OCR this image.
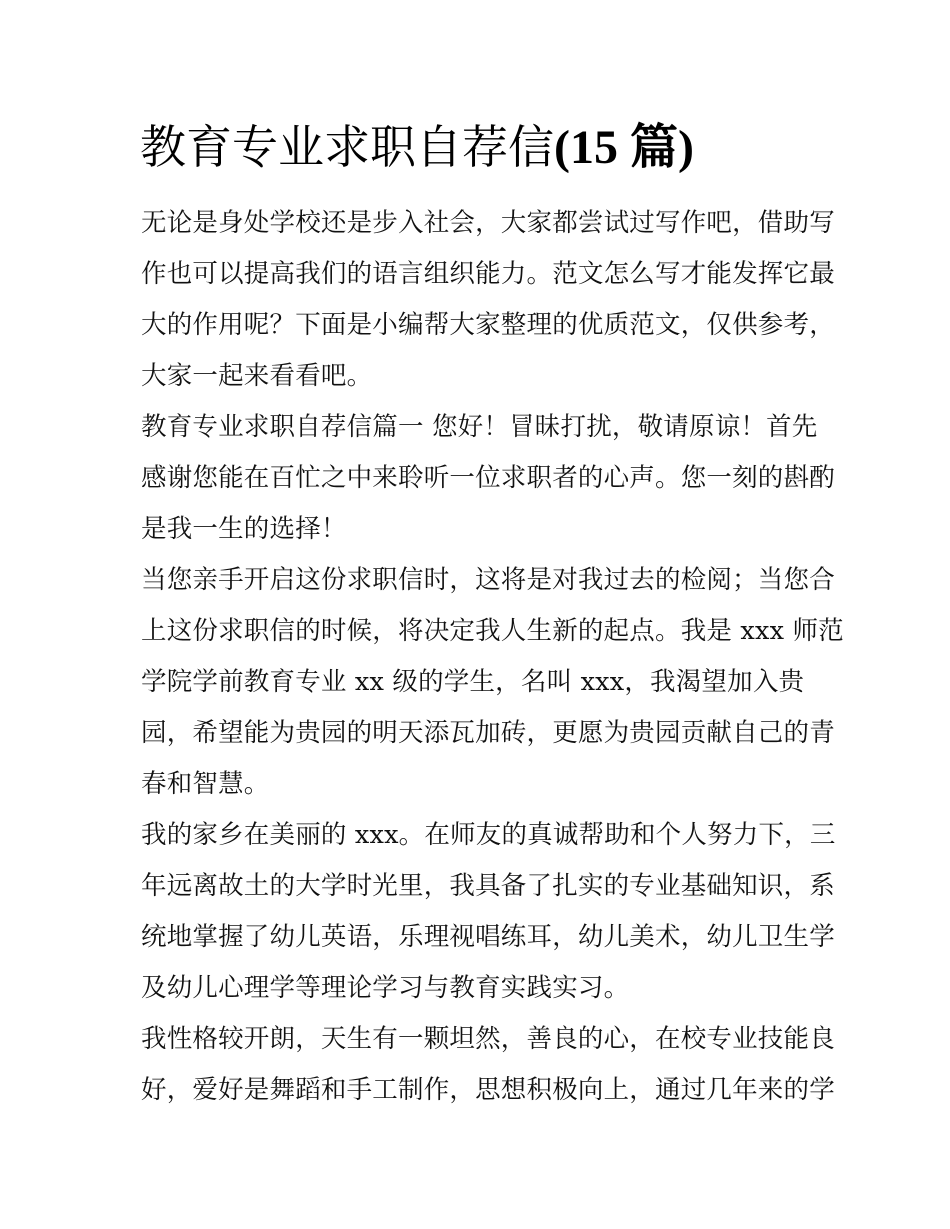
教育专业求职自荐信(15 篇)

无论是身处学校还是步入社会，大家都尝试过写作吧，借助写
作也可以提高我们的语言组织能力。范文怎么写才能发挥它最
大的作用呢？下面是小编帮大家整理的优质范文，仅供参考，
大家一起来看看吧。

教育专业求职自荐信篇一 您好！冒昧打扰，敬请原谅！首先
感谢您能在百忙之中来聆听一位求职者的心声。您一刻的斟酌
是我一生的选择！

当您亲手开启这份求职信时，这将是对我过去的检阅；当您合
上这份求职信的时候，将决定我人生新的起点。我是 xxx 师范
学院学前教育专业 xx 级的学生，名叫 xxx，我渴望加入贵
园，希望能为贵园的明天添瓦加砖，更愿为贵园贡献自己的青
春和智慧。

我的家乡在美丽的 xxx。在师友的真诚帮助和个人努力下，三
年远离故土的大学时光里，我具备了扎实的专业基础知识，系
统地掌握了幼儿英语，乐理视唱练耳，幼儿美术，幼儿卫生学
及幼儿心理学等理论学习与教育实践实习。

我性格较开朗，天生有一颗坦然，善良的心，在校专业技能良
好，爱好是舞蹈和手工制作，思想积极向上，通过几年来的学
